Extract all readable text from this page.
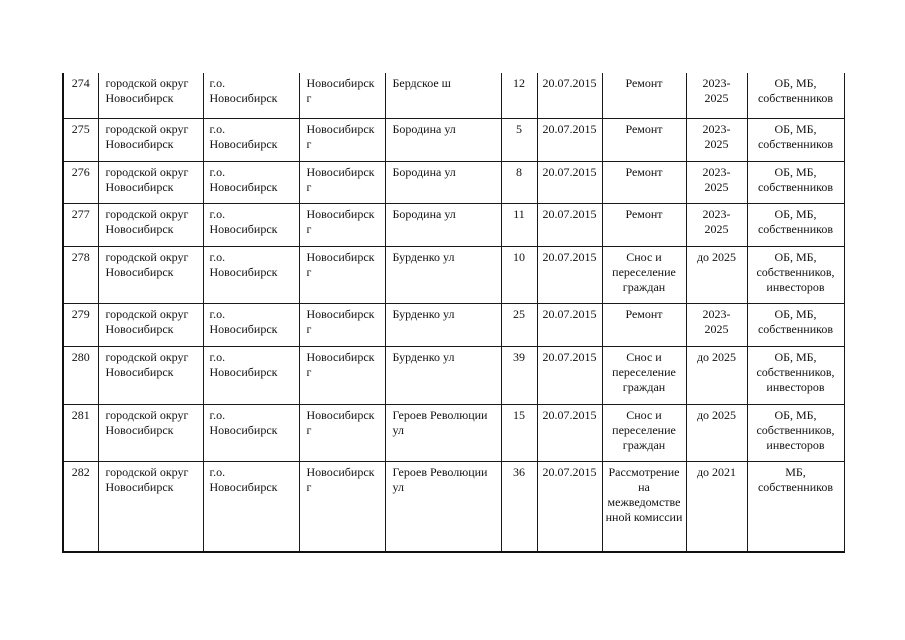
274	городской округ Новосибирск	г.о. Новосибирск	Новосибирск г	Бердское ш	12	20.07.2015	Ремонт	2023-2025	ОБ, МБ, собственников
275	городской округ Новосибирск	г.о. Новосибирск	Новосибирск г	Бородина ул	5	20.07.2015	Ремонт	2023-2025	ОБ, МБ, собственников
276	городской округ Новосибирск	г.о. Новосибирск	Новосибирск г	Бородина ул	8	20.07.2015	Ремонт	2023-2025	ОБ, МБ, собственников
277	городской округ Новосибирск	г.о. Новосибирск	Новосибирск г	Бородина ул	11	20.07.2015	Ремонт	2023-2025	ОБ, МБ, собственников
278	городской округ Новосибирск	г.о. Новосибирск	Новосибирск г	Бурденко ул	10	20.07.2015	Снос и переселение граждан	до 2025	ОБ, МБ, собственников, инвесторов
279	городской округ Новосибирск	г.о. Новосибирск	Новосибирск г	Бурденко ул	25	20.07.2015	Ремонт	2023-2025	ОБ, МБ, собственников
280	городской округ Новосибирск	г.о. Новосибирск	Новосибирск г	Бурденко ул	39	20.07.2015	Снос и переселение граждан	до 2025	ОБ, МБ, собственников, инвесторов
281	городской округ Новосибирск	г.о. Новосибирск	Новосибирск г	Героев Революции ул	15	20.07.2015	Снос и переселение граждан	до 2025	ОБ, МБ, собственников, инвесторов
282	городской округ Новосибирск	г.о. Новосибирск	Новосибирск г	Героев Революции ул	36	20.07.2015	Рассмотрение на межведомственной комиссии	до 2021	МБ, собственников
